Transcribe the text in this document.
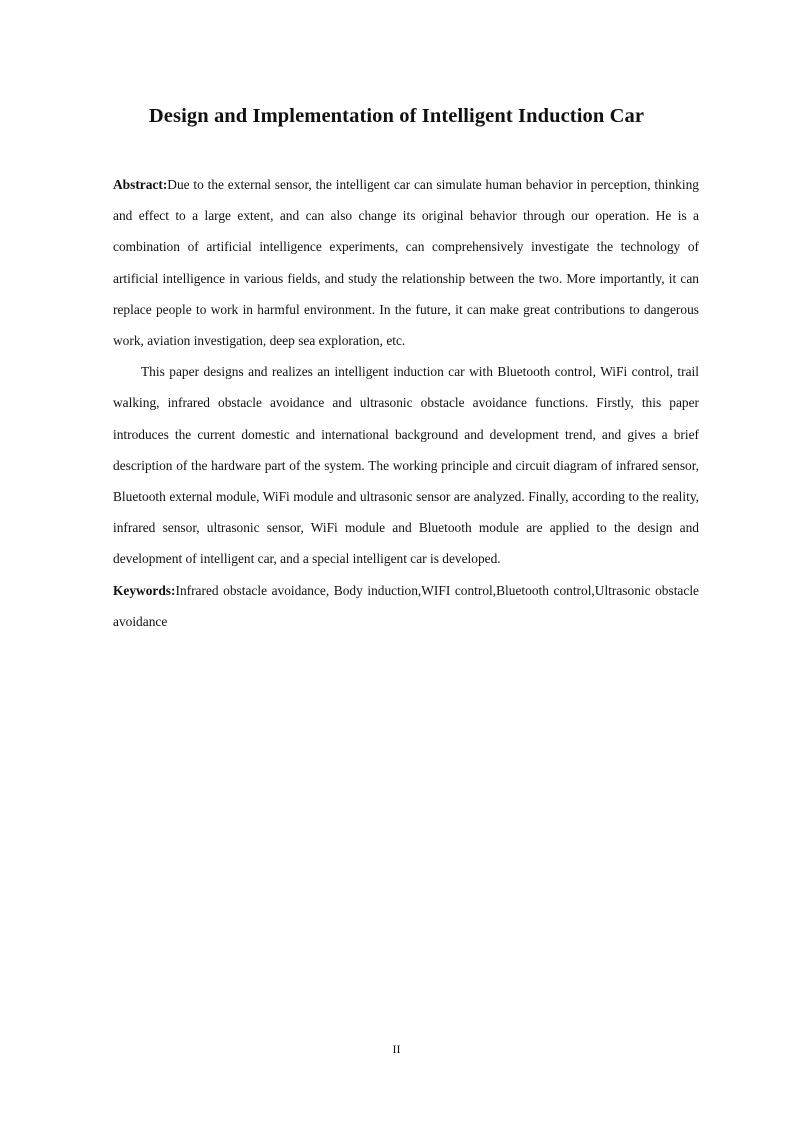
Design and Implementation of Intelligent Induction Car

Abstract:Due to the external sensor, the intelligent car can simulate human behavior in perception, thinking and effect to a large extent, and can also change its original behavior through our operation. He is a combination of artificial intelligence experiments, can comprehensively investigate the technology of artificial intelligence in various fields, and study the relationship between the two. More importantly, it can replace people to work in harmful environment. In the future, it can make great contributions to dangerous work, aviation investigation, deep sea exploration, etc.

This paper designs and realizes an intelligent induction car with Bluetooth control, WiFi control, trail walking, infrared obstacle avoidance and ultrasonic obstacle avoidance functions. Firstly, this paper introduces the current domestic and international background and development trend, and gives a brief description of the hardware part of the system. The working principle and circuit diagram of infrared sensor, Bluetooth external module, WiFi module and ultrasonic sensor are analyzed. Finally, according to the reality, infrared sensor, ultrasonic sensor, WiFi module and Bluetooth module are applied to the design and development of intelligent car, and a special intelligent car is developed.

Keywords:Infrared obstacle avoidance, Body induction,WIFI control,Bluetooth control,Ultrasonic obstacle avoidance

II
